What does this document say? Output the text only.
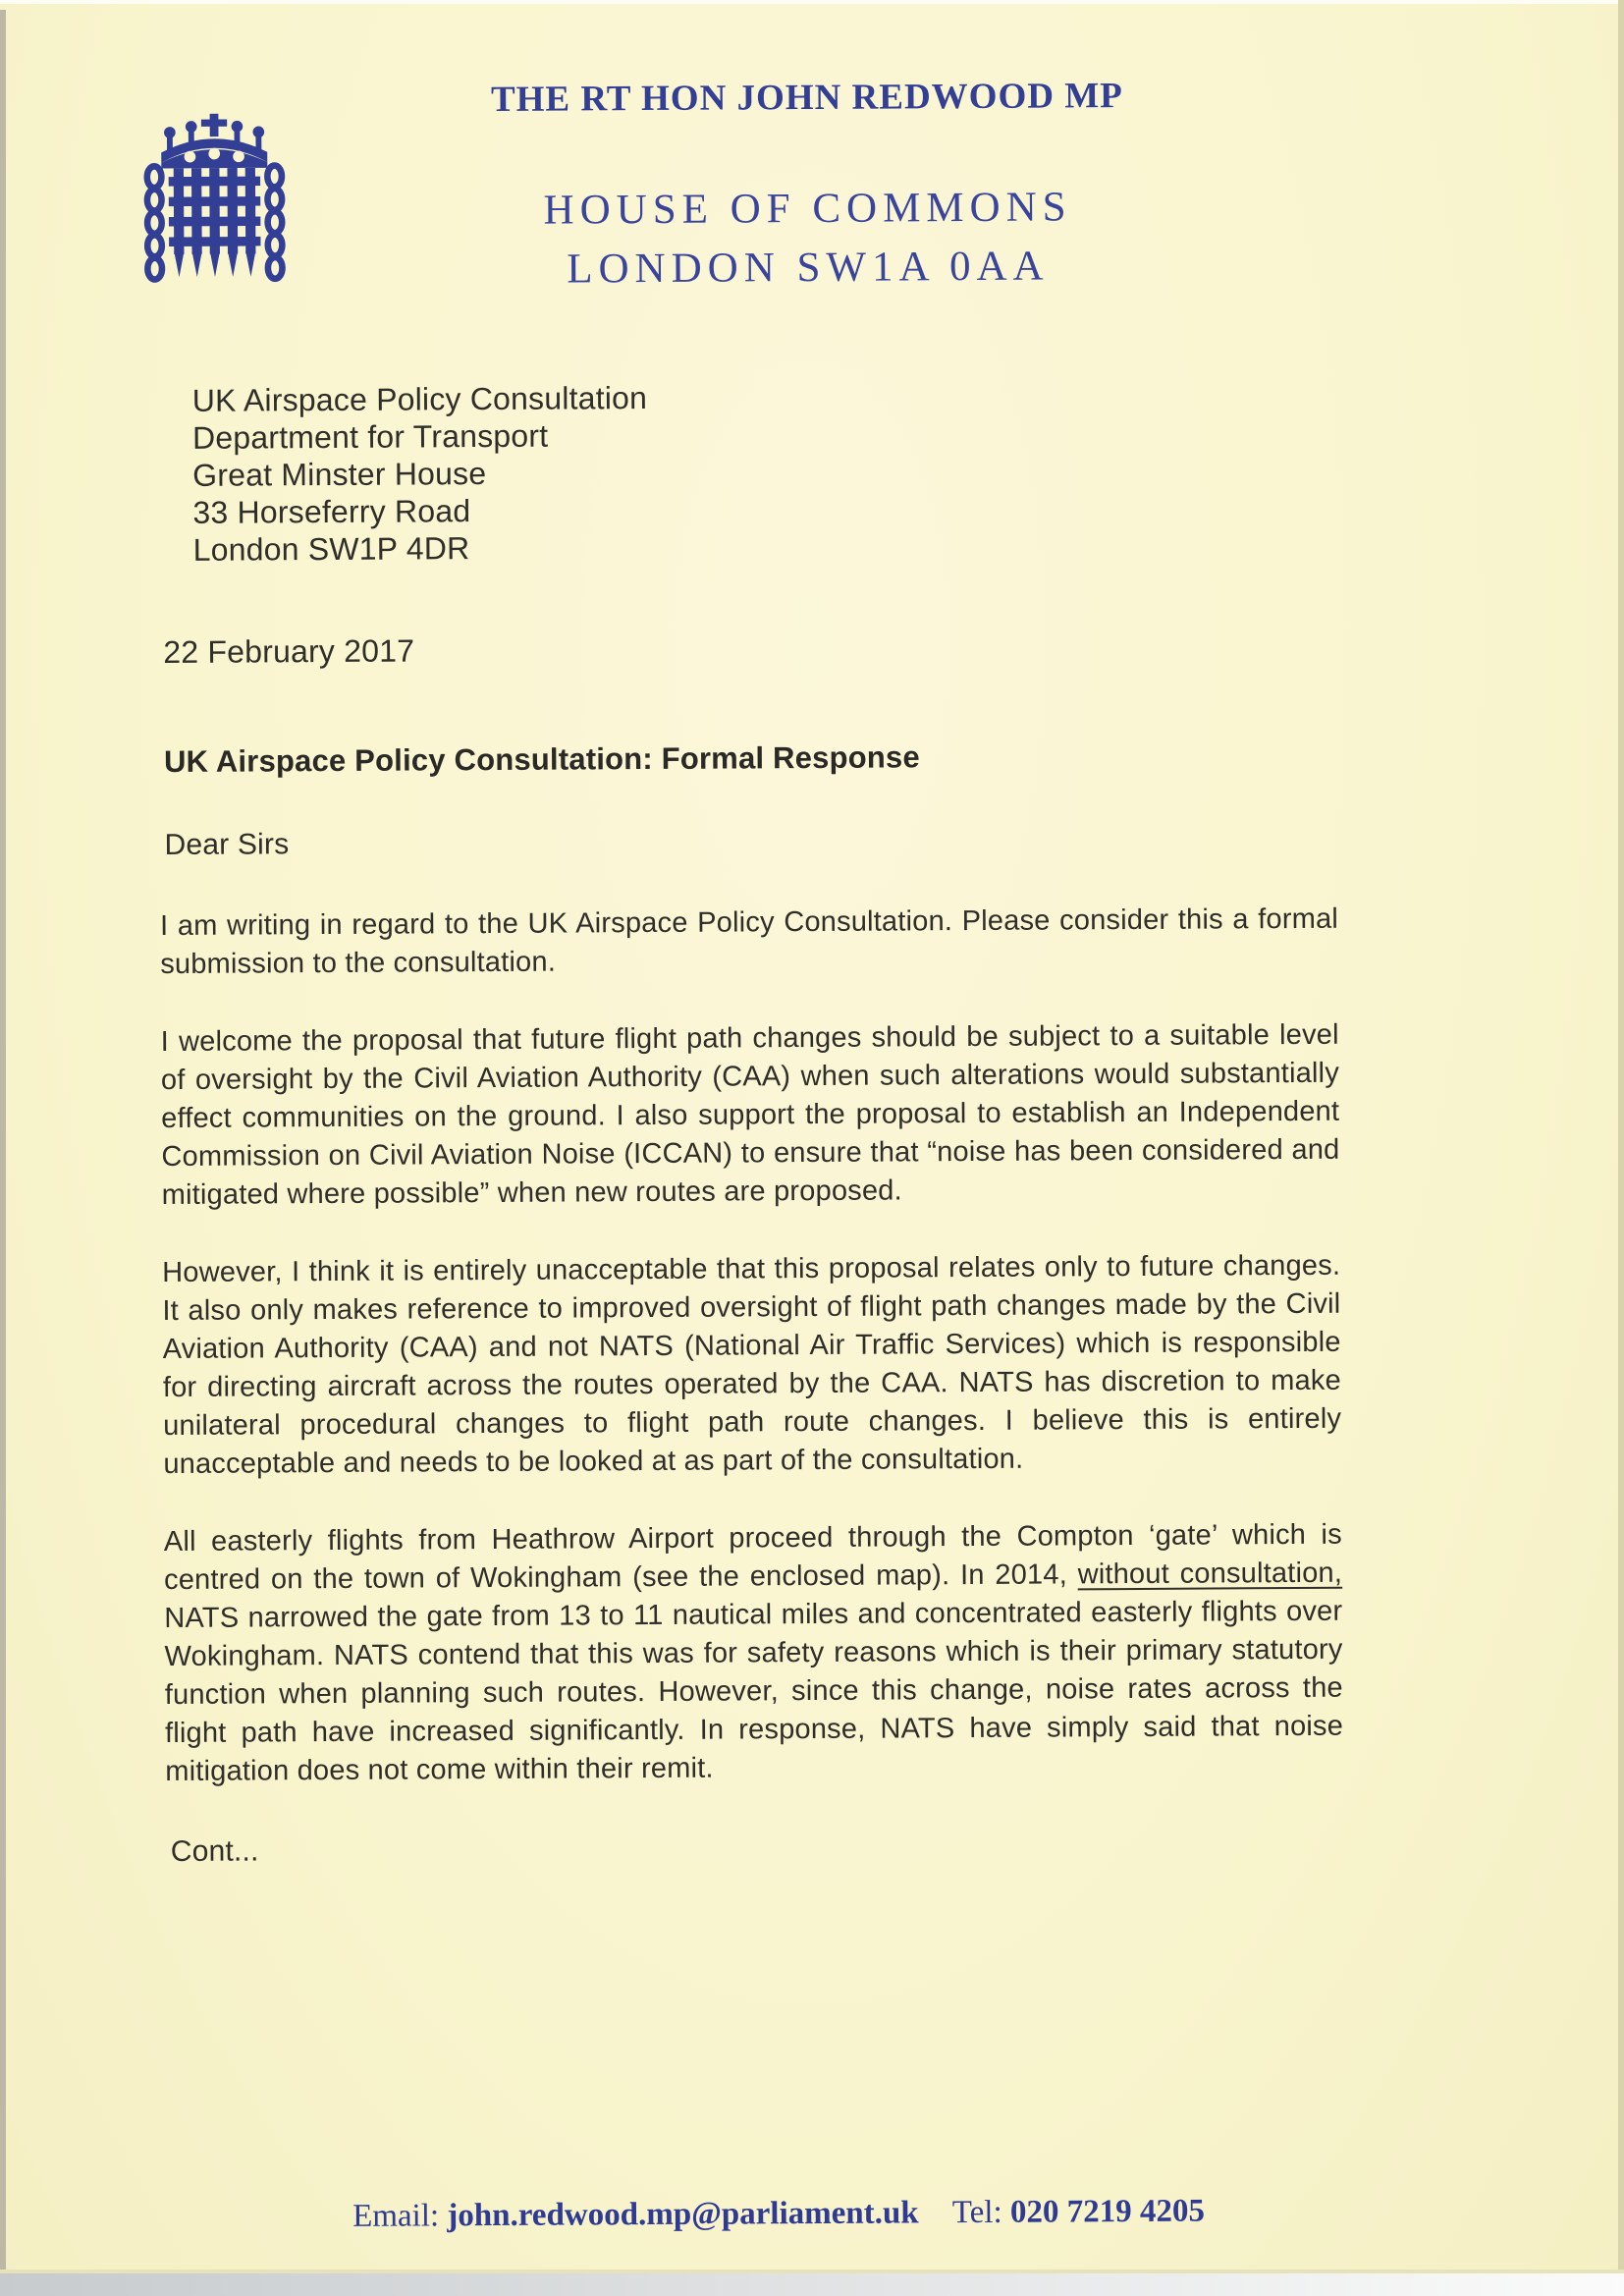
THE RT HON JOHN REDWOOD MP
HOUSE OF COMMONS
LONDON SW1A 0AA
UK Airspace Policy Consultation
Department for Transport
Great Minster House
33 Horseferry Road
London SW1P 4DR
22 February 2017
UK Airspace Policy Consultation: Formal Response
Dear Sirs

I am writing in regard to the UK Airspace Policy Consultation. Please consider this a formal submission to the consultation.

I welcome the proposal that future flight path changes should be subject to a suitable level of oversight by the Civil Aviation Authority (CAA) when such alterations would substantially effect communities on the ground. I also support the proposal to establish an Independent Commission on Civil Aviation Noise (ICCAN) to ensure that “noise has been considered and mitigated where possible” when new routes are proposed.

However, I think it is entirely unacceptable that this proposal relates only to future changes. It also only makes reference to improved oversight of flight path changes made by the Civil Aviation Authority (CAA) and not NATS (National Air Traffic Services) which is responsible for directing aircraft across the routes operated by the CAA. NATS has discretion to make unilateral procedural changes to flight path route changes. I believe this is entirely unacceptable and needs to be looked at as part of the consultation.

All easterly flights from Heathrow Airport proceed through the Compton ‘gate’ which is centred on the town of Wokingham (see the enclosed map). In 2014, without consultation, NATS narrowed the gate from 13 to 11 nautical miles and concentrated easterly flights over Wokingham. NATS contend that this was for safety reasons which is their primary statutory function when planning such routes. However, since this change, noise rates across the flight path have increased significantly. In response, NATS have simply said that noise mitigation does not come within their remit.

Cont...
Email: john.redwood.mp@parliament.uk Tel: 020 7219 4205
